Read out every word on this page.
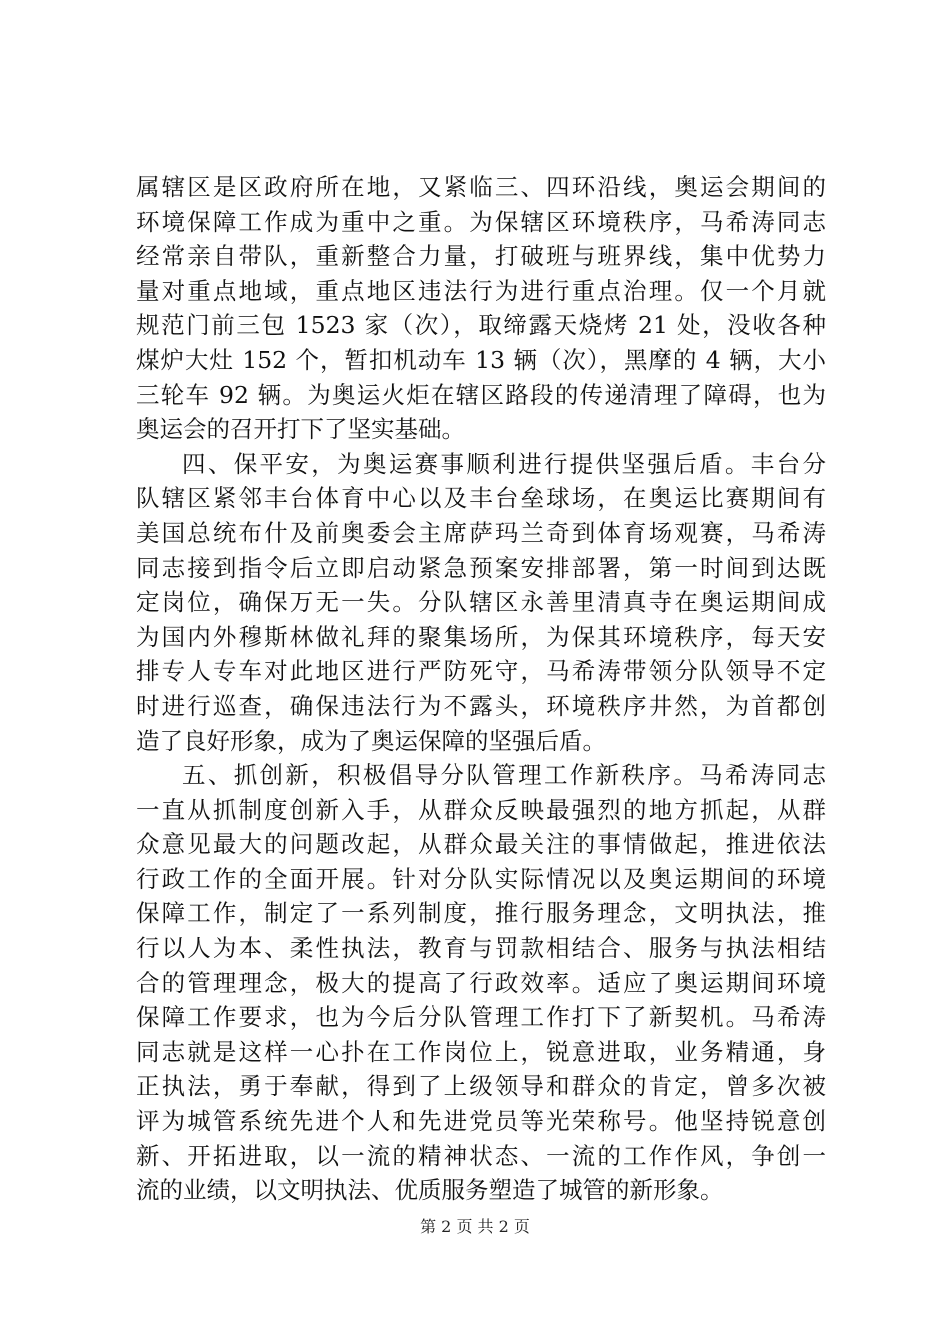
属辖区是区政府所在地，又紧临三、四环沿线，奥运会期间的
环境保障工作成为重中之重。为保辖区环境秩序，马希涛同志
经常亲自带队，重新整合力量，打破班与班界线，集中优势力
量对重点地域，重点地区违法行为进行重点治理。仅一个月就
规范门前三包 1523 家（次），取缔露天烧烤 21 处，没收各种
煤炉大灶 152 个，暂扣机动车 13 辆（次），黑摩的 4 辆，大小
三轮车 92 辆。为奥运火炬在辖区路段的传递清理了障碍，也为
奥运会的召开打下了坚实基础。
四、保平安，为奥运赛事顺利进行提供坚强后盾。丰台分
队辖区紧邻丰台体育中心以及丰台垒球场，在奥运比赛期间有
美国总统布什及前奥委会主席萨玛兰奇到体育场观赛，马希涛
同志接到指令后立即启动紧急预案安排部署，第一时间到达既
定岗位，确保万无一失。分队辖区永善里清真寺在奥运期间成
为国内外穆斯林做礼拜的聚集场所，为保其环境秩序，每天安
排专人专车对此地区进行严防死守，马希涛带领分队领导不定
时进行巡查，确保违法行为不露头，环境秩序井然，为首都创
造了良好形象，成为了奥运保障的坚强后盾。
五、抓创新，积极倡导分队管理工作新秩序。马希涛同志
一直从抓制度创新入手，从群众反映最强烈的地方抓起，从群
众意见最大的问题改起，从群众最关注的事情做起，推进依法
行政工作的全面开展。针对分队实际情况以及奥运期间的环境
保障工作，制定了一系列制度，推行服务理念，文明执法，推
行以人为本、柔性执法，教育与罚款相结合、服务与执法相结
合的管理理念，极大的提高了行政效率。适应了奥运期间环境
保障工作要求，也为今后分队管理工作打下了新契机。马希涛
同志就是这样一心扑在工作岗位上，锐意进取，业务精通，身
正执法，勇于奉献，得到了上级领导和群众的肯定，曾多次被
评为城管系统先进个人和先进党员等光荣称号。他坚持锐意创
新、开拓进取，以一流的精神状态、一流的工作作风，争创一
流的业绩，以文明执法、优质服务塑造了城管的新形象。
第 2 页 共 2 页
